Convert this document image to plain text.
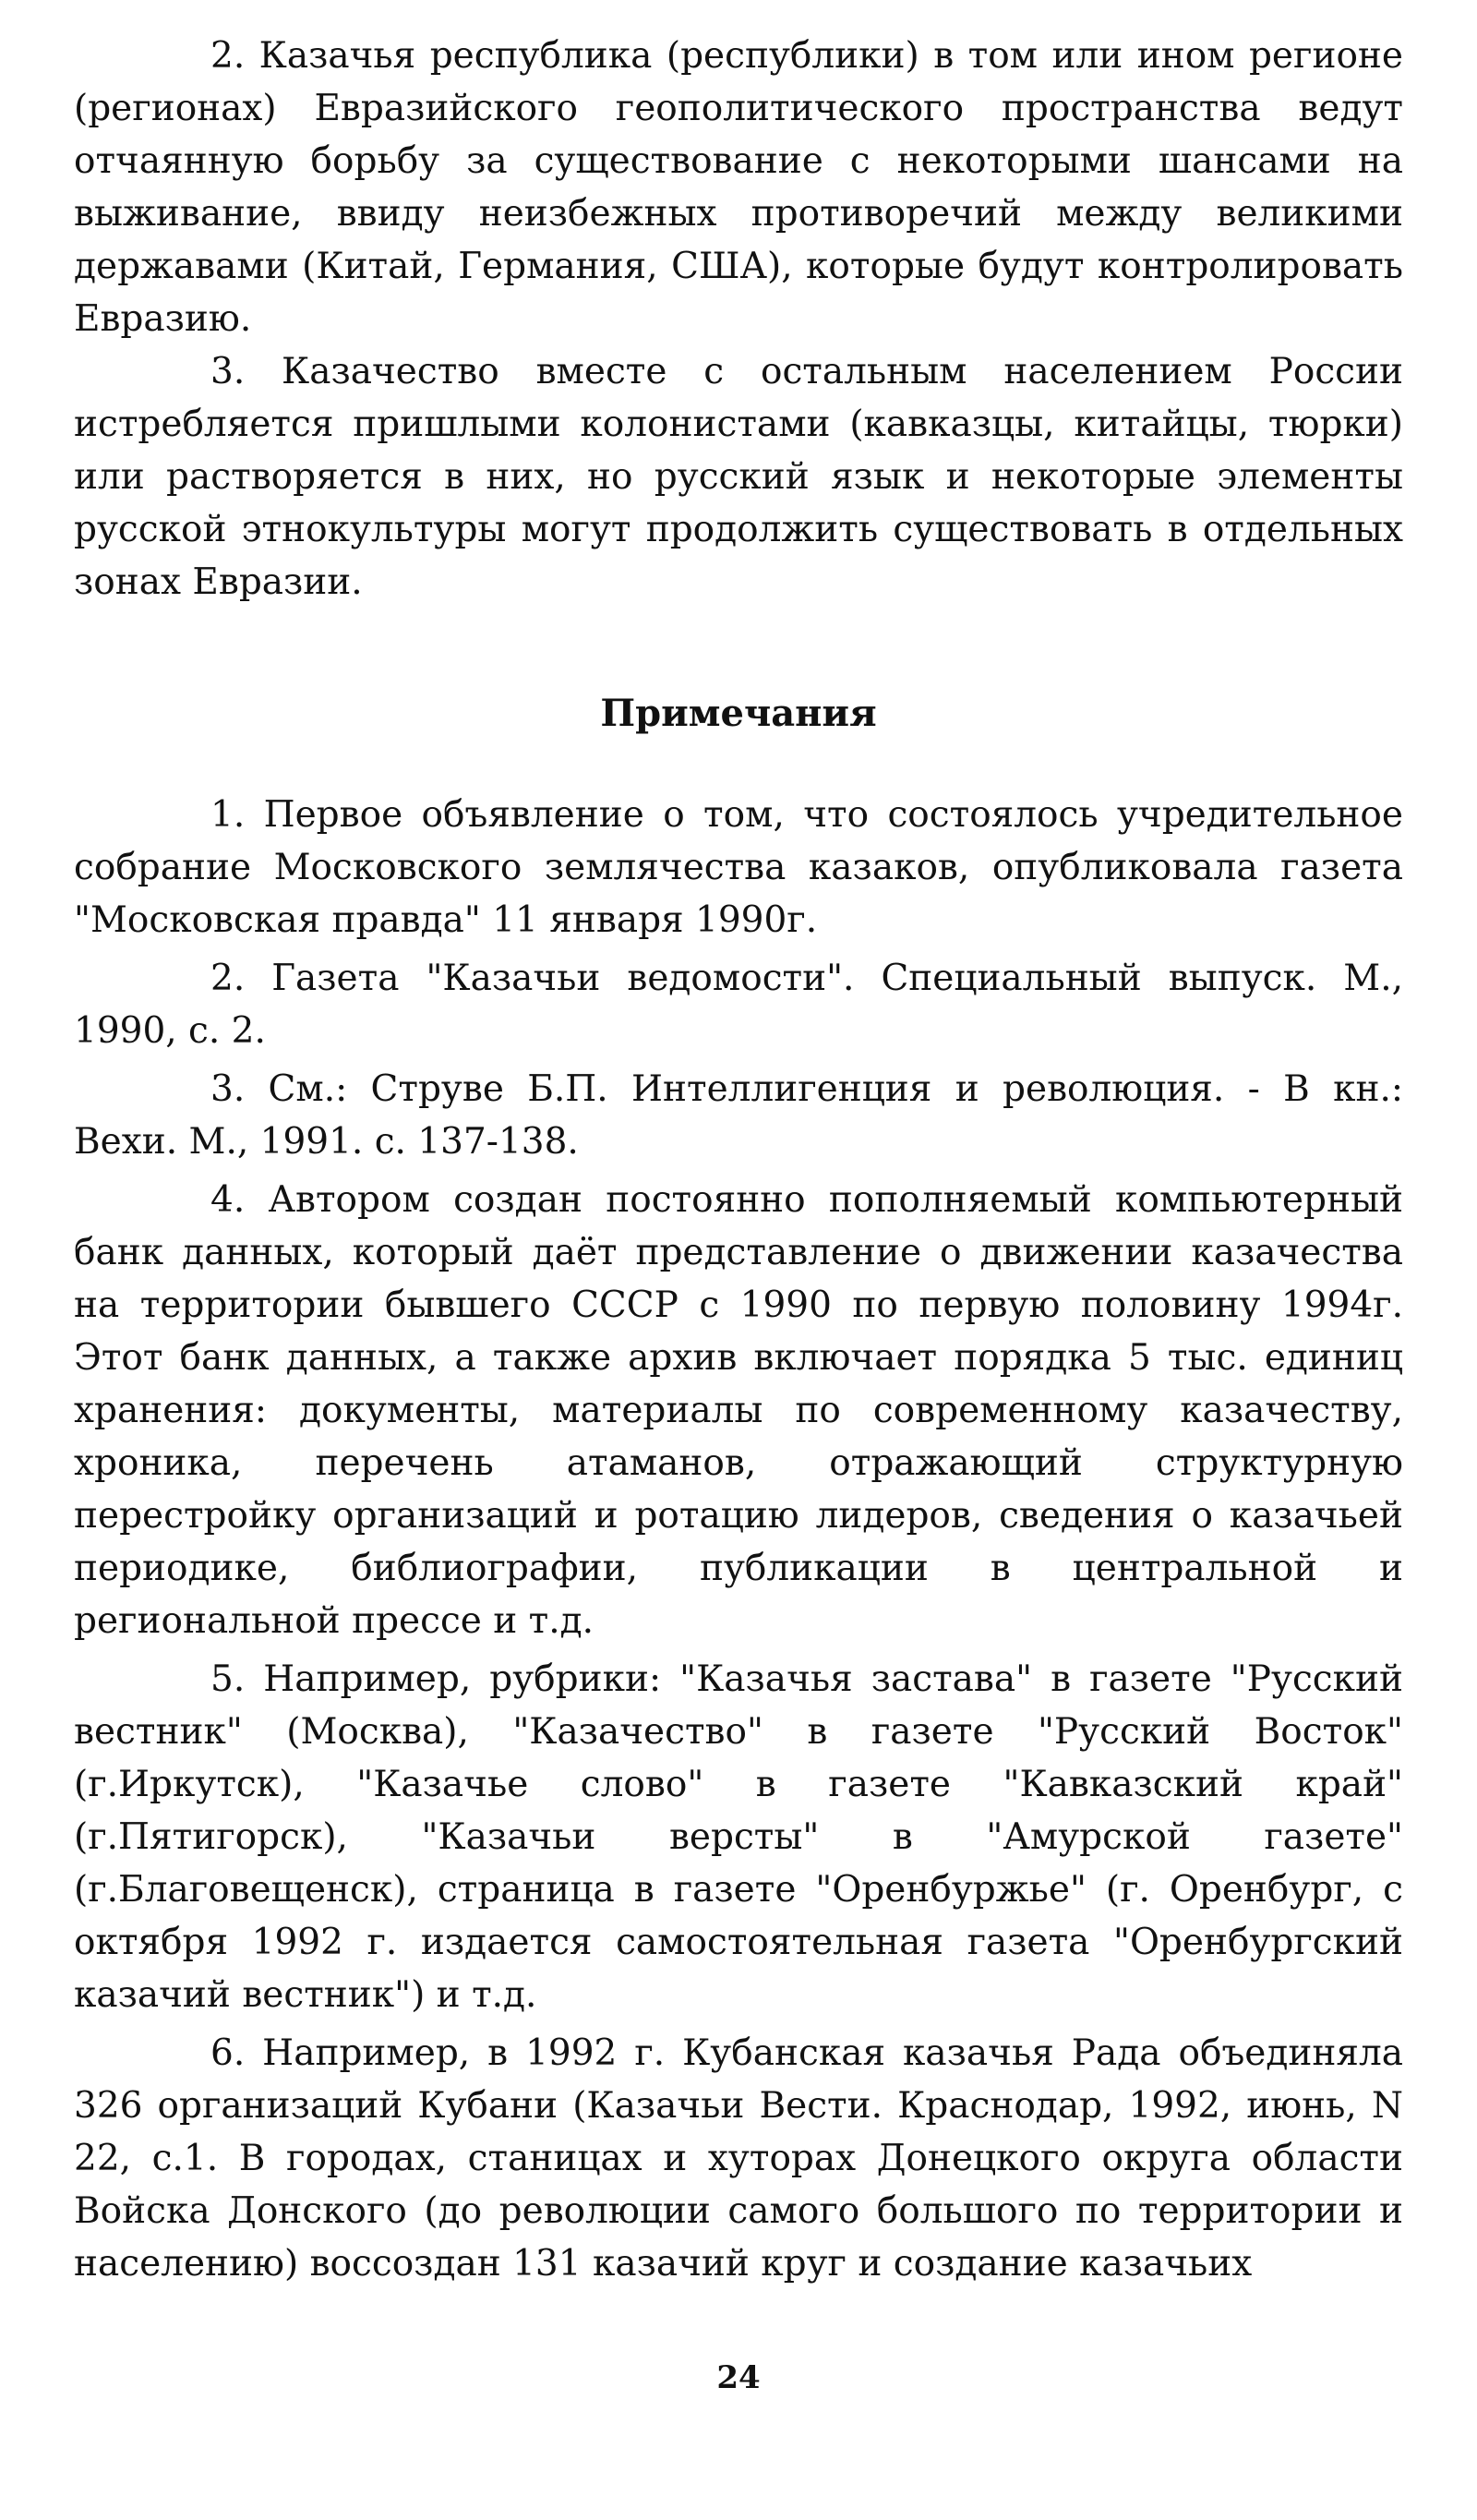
2. Казачья республика (республики) в том или ином регионе (регионах) Евразийского геополитического пространства ведут отчаянную борьбу за существование с некоторыми шансами на выживание, ввиду неизбежных противоречий между великими державами (Китай, Германия, США), которые будут контролировать Евразию.

3. Казачество вместе с остальным населением России истребляется пришлыми колонистами (кавказцы, китайцы, тюрки) или растворяется в них, но русский язык и некоторые элементы русской этнокультуры могут продолжить существовать в отдельных зонах Евразии.

Примечания

1. Первое объявление о том, что состоялось учредительное собрание Московского землячества казаков, опубликовала газета "Московская правда" 11 января 1990г.

2. Газета "Казачьи ведомости". Специальный выпуск. М., 1990, с. 2.

3. См.: Струве Б.П. Интеллигенция и революция. - В кн.: Вехи. М., 1991. с. 137-138.

4. Автором создан постоянно пополняемый компьютерный банк данных, который даёт представление о движении казачества на территории бывшего СССР с 1990 по первую половину 1994г. Этот банк данных, а также архив включает порядка 5 тыс. единиц хранения: документы, материалы по современному казачеству, хроника, перечень атаманов, отражающий структурную перестройку организаций и ротацию лидеров, сведения о казачьей периодике, библиографии, публикации в центральной и региональной прессе и т.д.

5. Например, рубрики: "Казачья застава" в газете "Русский вестник" (Москва), "Казачество" в газете "Русский Восток" (г.Иркутск), "Казачье слово" в газете "Кавказский край" (г.Пятигорск), "Казачьи версты" в "Амурской газете" (г.Благовещенск), страница в газете "Оренбуржье" (г. Оренбург, с октября 1992 г. издается самостоятельная газета "Оренбургский казачий вестник") и т.д.

6. Например, в 1992 г. Кубанская казачья Рада объединяла 326 организаций Кубани (Казачьи Вести. Краснодар, 1992, июнь, N 22, с.1. В городах, станицах и хуторах Донецкого округа области Войска Донского (до революции самого большого по территории и населению) воссоздан 131 казачий круг и создание казачьих

24
